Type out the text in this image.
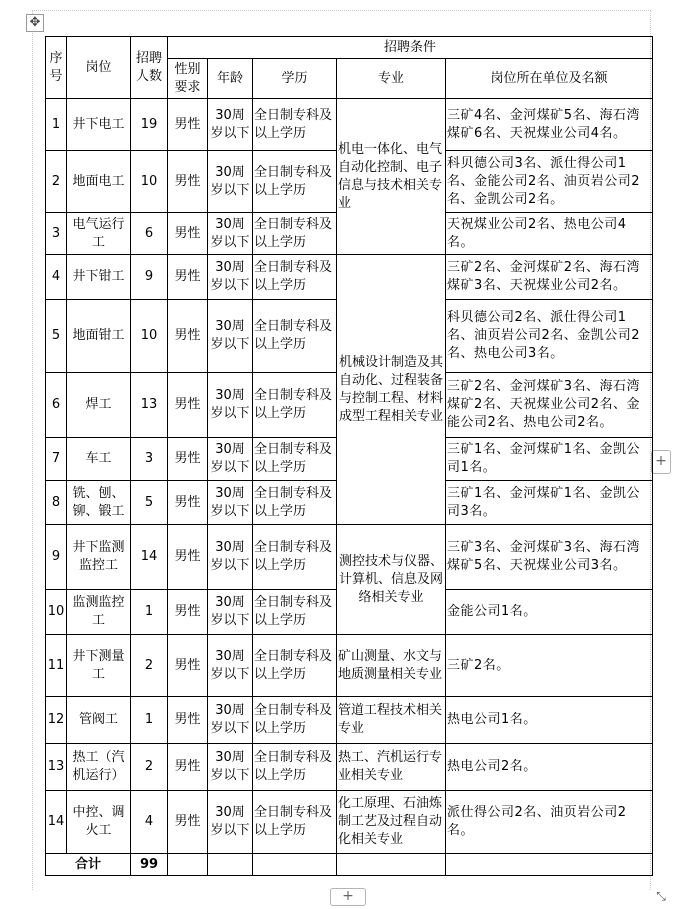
✥
+
+	⤡
序号	岗位	招聘人数	招聘条件				
			性别要求	年龄	学历	专业	岗位所在单位及名额
1	井下电工	19	男性	30周岁以下	全日制专科及以上学历	机电一体化、电气自动化控制、电子信息与技术相关专业	三矿4名、金河煤矿5名、海石湾煤矿6名、天祝煤业公司4名。
2	地面电工	10	男性	30周岁以下	全日制专科及以上学历		科贝德公司3名、派仕得公司1名、金能公司2名、油页岩公司2名、金凯公司2名。
3	电气运行工	6	男性	30周岁以下	全日制专科及以上学历		天祝煤业公司2名、热电公司4名。
4	井下钳工	9	男性	30周岁以下	全日制专科及以上学历	机械设计制造及其自动化、过程装备与控制工程、材料成型工程相关专业	三矿2名、金河煤矿2名、海石湾煤矿3名、天祝煤业公司2名。
5	地面钳工	10	男性	30周岁以下	全日制专科及以上学历		科贝德公司2名、派仕得公司1名、油页岩公司2名、金凯公司2名、热电公司3名。
6	焊工	13	男性	30周岁以下	全日制专科及以上学历		三矿2名、金河煤矿3名、海石湾煤矿2名、天祝煤业公司2名、金能公司2名、热电公司2名。
7	车工	3	男性	30周岁以下	全日制专科及以上学历		三矿1名、金河煤矿1名、金凯公司1名。
8	铣、刨、铆、锻工	5	男性	30周岁以下	全日制专科及以上学历		三矿1名、金河煤矿1名、金凯公司3名。
9	井下监测监控工	14	男性	30周岁以下	全日制专科及以上学历	测控技术与仪器、计算机、信息及网络相关专业	三矿3名、金河煤矿3名、海石湾煤矿5名、天祝煤业公司3名。
10	监测监控工	1	男性	30周岁以下	全日制专科及以上学历		金能公司1名。
11	井下测量工	2	男性	30周岁以下	全日制专科及以上学历	矿山测量、水文与地质测量相关专业	三矿2名。
12	管阀工	1	男性	30周岁以下	全日制专科及以上学历	管道工程技术相关专业	热电公司1名。
13	热工（汽机运行）	2	男性	30周岁以下	全日制专科及以上学历	热工、汽机运行专业相关专业	热电公司2名。
14	中控、调火工	4	男性	30周岁以下	全日制专科及以上学历	化工原理、石油炼制工艺及过程自动化相关专业	派仕得公司2名、油页岩公司2名。
合计		99					
